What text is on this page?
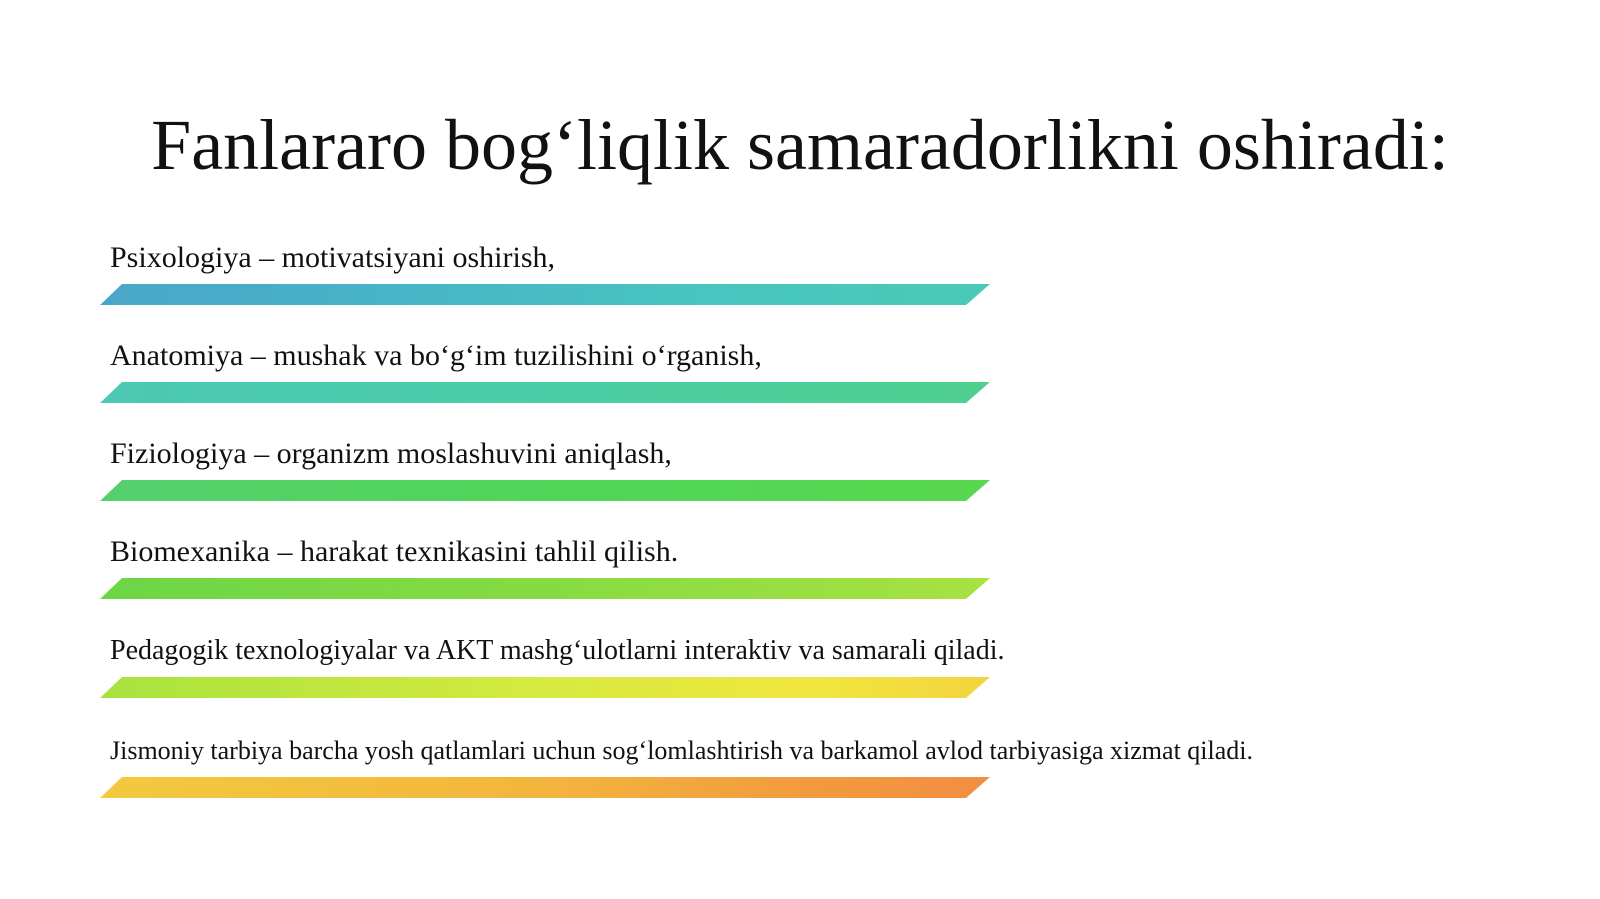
Fanlararo bog‘liqlik samaradorlikni oshiradi:
Psixologiya – motivatsiyani oshirish,
Anatomiya – mushak va bo‘g‘im tuzilishini o‘rganish,
Fiziologiya – organizm moslashuvini aniqlash,
Biomexanika – harakat texnikasini tahlil qilish.
Pedagogik texnologiyalar va AKT mashg‘ulotlarni interaktiv va samarali qiladi.
Jismoniy tarbiya barcha yosh qatlamlari uchun sog‘lomlashtirish va barkamol avlod tarbiyasiga xizmat qiladi.
